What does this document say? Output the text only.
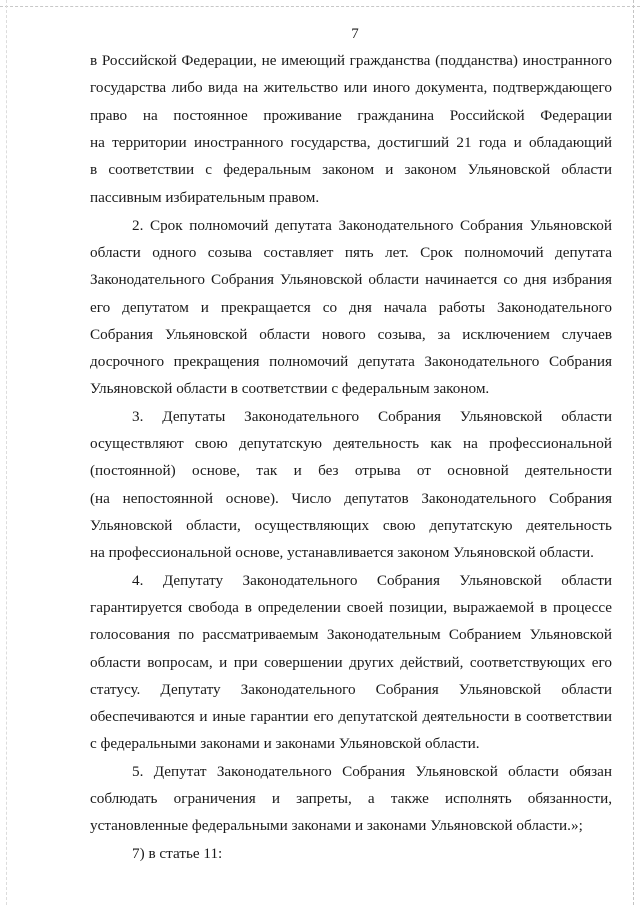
7
в Российской Федерации, не имеющий гражданства (подданства) иностранного
государства либо вида на жительство или иного документа, подтверждающего
право на постоянное проживание гражданина Российской Федерации
на территории иностранного государства, достигший 21 года и обладающий
в соответствии с федеральным законом и законом Ульяновской области
пассивным избирательным правом.
2. Срок полномочий депутата Законодательного Собрания Ульяновской
области одного созыва составляет пять лет. Срок полномочий депутата
Законодательного Собрания Ульяновской области начинается со дня избрания
его депутатом и прекращается со дня начала работы Законодательного
Собрания Ульяновской области нового созыва, за исключением случаев
досрочного прекращения полномочий депутата Законодательного Собрания
Ульяновской области в соответствии с федеральным законом.
3. Депутаты Законодательного Собрания Ульяновской области
осуществляют свою депутатскую деятельность как на профессиональной
(постоянной) основе, так и без отрыва от основной деятельности
(на непостоянной основе). Число депутатов Законодательного Собрания
Ульяновской области, осуществляющих свою депутатскую деятельность
на профессиональной основе, устанавливается законом Ульяновской области.
4. Депутату Законодательного Собрания Ульяновской области
гарантируется свобода в определении своей позиции, выражаемой в процессе
голосования по рассматриваемым Законодательным Собранием Ульяновской
области вопросам, и при совершении других действий, соответствующих его
статусу. Депутату Законодательного Собрания Ульяновской области
обеспечиваются и иные гарантии его депутатской деятельности в соответствии
с федеральными законами и законами Ульяновской области.
5. Депутат Законодательного Собрания Ульяновской области обязан
соблюдать ограничения и запреты, а также исполнять обязанности,
установленные федеральными законами и законами Ульяновской области.»;
7) в статье 11:
